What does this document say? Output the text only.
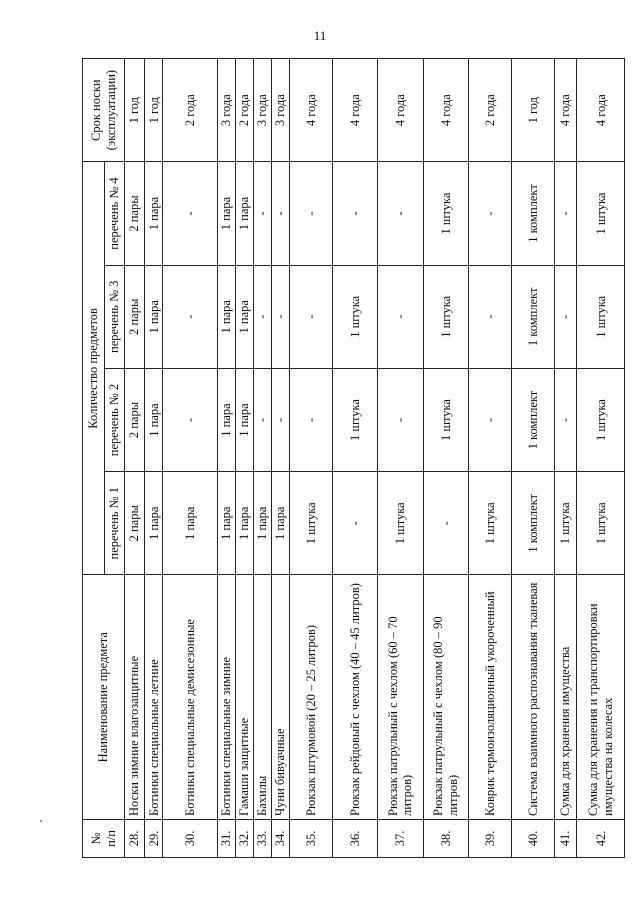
11
№
п/п	Наименование предмета	Количество предметов				Срок носки
(эксплуатации)
		перечень № 1	перечень № 2	перечень № 3	перечень № 4	
28.	Носки зимние влагозащитные	2 пары	2 пары	2 пары	2 пары	1 год
29.	Ботинки специальные летние	1 пара	1 пара	1 пара	1 пара	1 год
30.	Ботинки специальные демисезонные	1 пара	-	-	-	2 года
31.	Ботинки специальные зимние	1 пара	1 пара	1 пара	1 пара	3 года
32.	Гамаши защитные	1 пара	1 пара	1 пара	1 пара	2 года
33.	Бахилы	1 пара	-	-	-	3 года
34.	Чуни бивуачные	1 пара	-	-	-	3 года
35.	Рюкзак штурмовой (20 – 25 литров)	1 штука	-	-	-	4 года
36.	Рюкзак рейдовый с чехлом (40 – 45 литров)	-	1 штука	1 штука	-	4 года
37.	Рюкзак патрульный с чехлом (60 – 70 литров)	1 штука	-	-	-	4 года
38.	Рюкзак патрульный с чехлом (80 – 90 литров)	-	1 штука	1 штука	1 штука	4 года
39.	Коврик термоизоляционный укороченный	1 штука	-	-	-	2 года
40.	Система взаимного распознавания тканевая	1 комплект	1 комплект	1 комплект	1 комплект	1 год
41.	Сумка для хранения имущества	1 штука	-	-	-	4 года
42.	Сумка для хранения и транспортировки имущества на колесах	1 штука	1 штука	1 штука	1 штука	4 года
